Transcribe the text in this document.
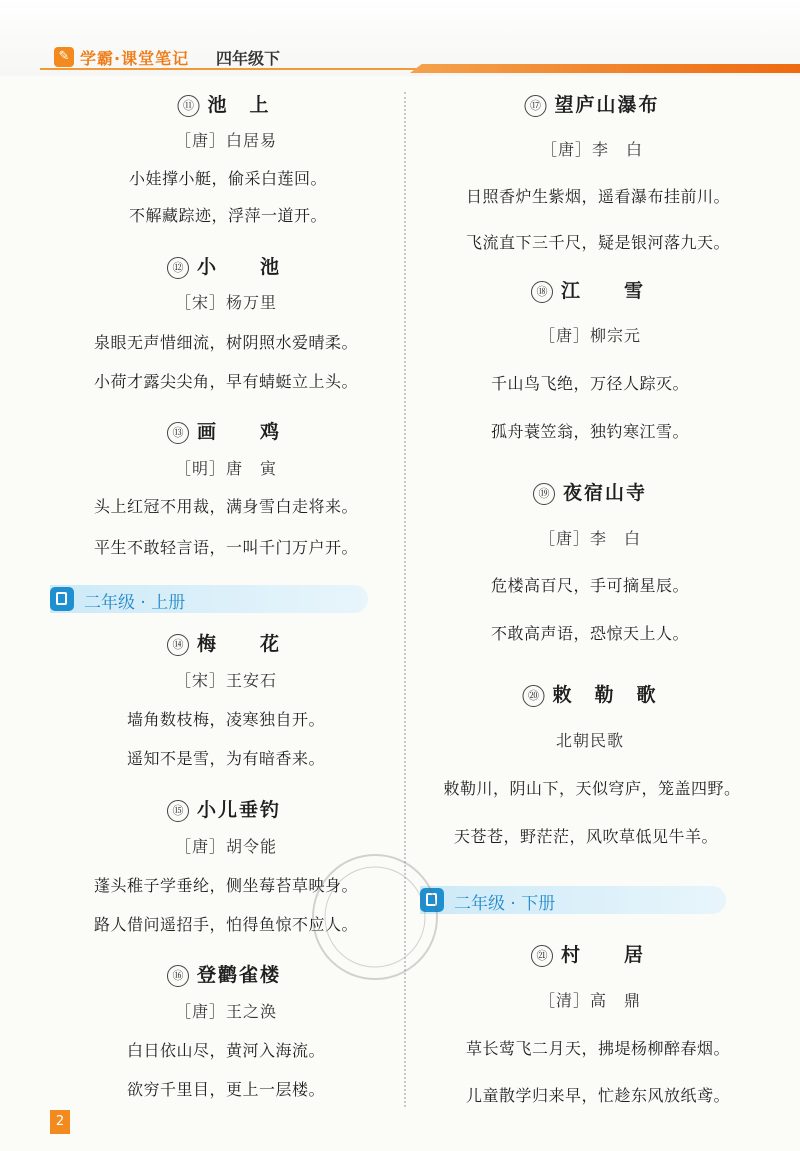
✎ 学霸·课堂笔记 四年级下
⑪ 池　上
［唐］白居易
小娃撑小艇，偷采白莲回。
不解藏踪迹，浮萍一道开。
⑫ 小　　池
［宋］杨万里
泉眼无声惜细流，树阴照水爱晴柔。
小荷才露尖尖角，早有蜻蜓立上头。
⑬ 画　　鸡
［明］唐　寅
头上红冠不用裁，满身雪白走将来。
平生不敢轻言语，一叫千门万户开。
二年级 · 上册
⑭ 梅　　花
［宋］王安石
墙角数枝梅，凌寒独自开。
遥知不是雪，为有暗香来。
⑮ 小儿垂钓
［唐］胡令能
蓬头稚子学垂纶，侧坐莓苔草映身。
路人借问遥招手，怕得鱼惊不应人。
⑯ 登鹳雀楼
［唐］王之涣
白日依山尽，黄河入海流。
欲穷千里目，更上一层楼。
⑰ 望庐山瀑布
［唐］李　白
日照香炉生紫烟，遥看瀑布挂前川。
飞流直下三千尺，疑是银河落九天。
⑱ 江　　雪
［唐］柳宗元
千山鸟飞绝，万径人踪灭。
孤舟蓑笠翁，独钓寒江雪。
⑲ 夜宿山寺
［唐］李　白
危楼高百尺，手可摘星辰。
不敢高声语，恐惊天上人。
⑳ 敕　勒　歌
北朝民歌
敕勒川，阴山下，天似穹庐，笼盖四野。
天苍苍，野茫茫，风吹草低见牛羊。
二年级 · 下册
㉑ 村　　居
［清］高　鼎
草长莺飞二月天，拂堤杨柳醉春烟。
儿童散学归来早，忙趁东风放纸鸢。
2
